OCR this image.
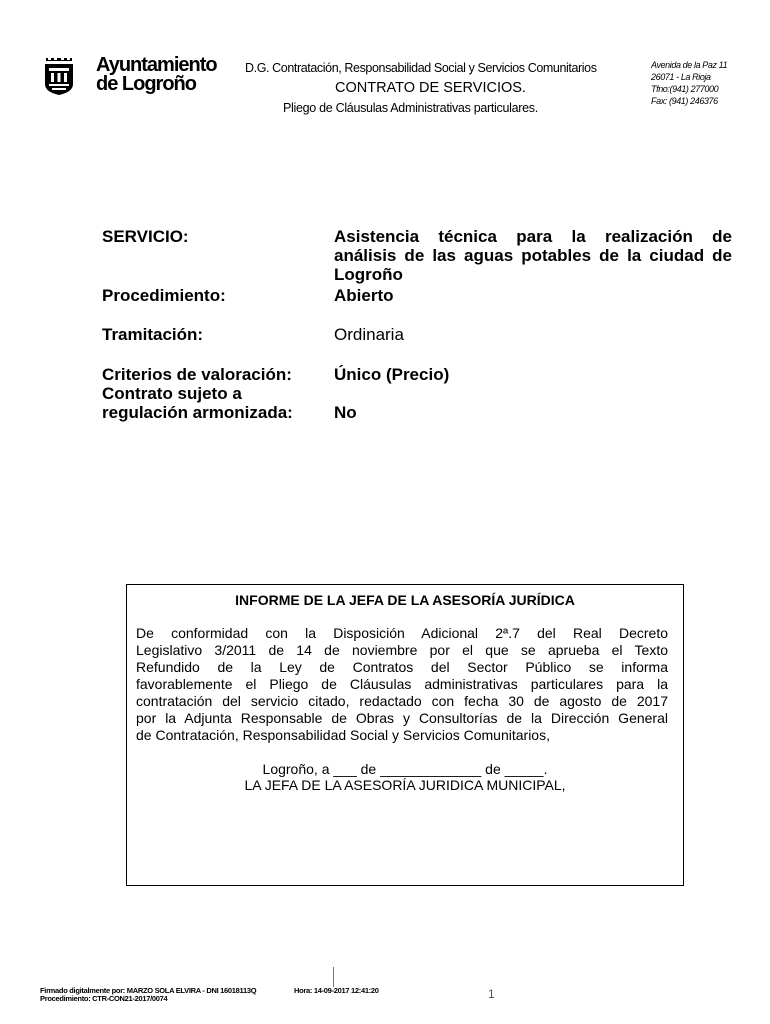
Ayuntamiento
de Logroño
D.G. Contratación, Responsabilidad Social y Servicios Comunitarios
CONTRATO DE SERVICIOS.
Pliego de Cláusulas Administrativas particulares.
Avenida de la Paz 11
26071 - La Rioja
Tfno:(941) 277000
Fax: (941) 246376
SERVICIO:	Asistencia técnica para la realización de
análisis de las aguas potables de la ciudad de
Logroño
Procedimiento:	Abierto
Tramitación:	Ordinaria
Criterios de valoración: Único (Precio)
Contrato sujeto a
regulación armonizada: No
INFORME DE LA JEFA DE LA ASESORÍA JURÍDICA
De conformidad con la Disposición Adicional 2ª.7 del Real Decreto
Legislativo 3/2011 de 14 de noviembre por el que se aprueba el Texto
Refundido de la Ley de Contratos del Sector Público se informa
favorablemente el Pliego de Cláusulas administrativas particulares para la
contratación del servicio citado, redactado con fecha 30 de agosto de 2017
por la Adjunta Responsable de Obras y Consultorías de la Dirección General
de Contratación, Responsabilidad Social y Servicios Comunitarios,
Logroño, a ___ de _____________ de _____.
LA JEFA DE LA ASESORÍA JURIDICA MUNICIPAL,
Firmado digitalmente por: MARZO SOLA ELVIRA - DNI 16018113Q
Procedimiento: CTR-CON21-2017/0074
Hora: 14-09-2017 12:41:20	1
